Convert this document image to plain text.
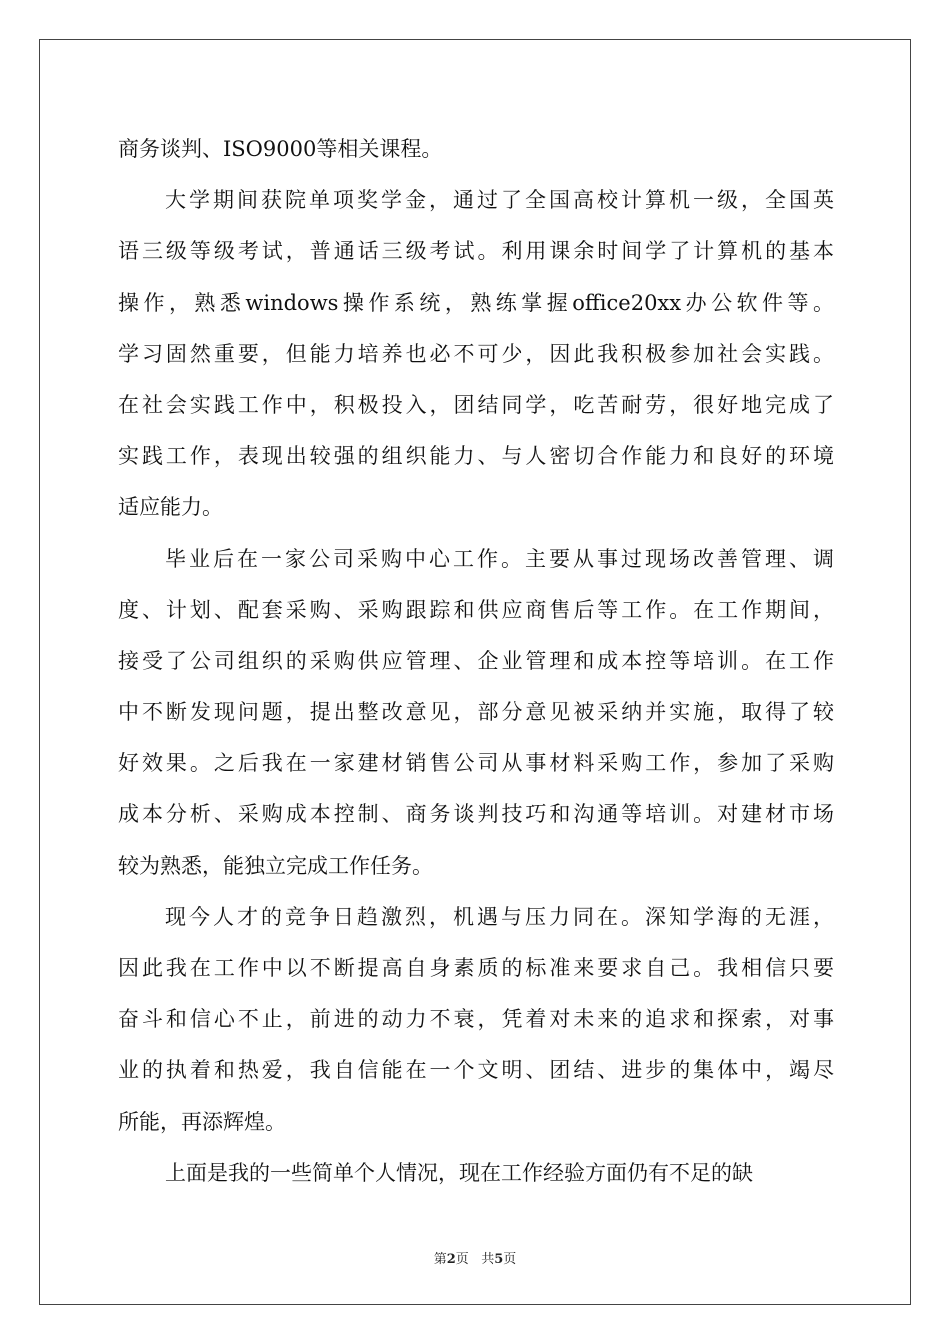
商务谈判、ISO9000等相关课程。
大学期间获院单项奖学金，通过了全国高校计算机一级，全国英
语三级等级考试，普通话三级考试。利用课余时间学了计算机的基本
操作，熟悉windows操作系统，熟练掌握office20xx办公软件等。
学习固然重要，但能力培养也必不可少，因此我积极参加社会实践。
在社会实践工作中，积极投入，团结同学，吃苦耐劳，很好地完成了
实践工作，表现出较强的组织能力、与人密切合作能力和良好的环境
适应能力。
毕业后在一家公司采购中心工作。主要从事过现场改善管理、调
度、计划、配套采购、采购跟踪和供应商售后等工作。在工作期间，
接受了公司组织的采购供应管理、企业管理和成本控等培训。在工作
中不断发现问题，提出整改意见，部分意见被采纳并实施，取得了较
好效果。之后我在一家建材销售公司从事材料采购工作，参加了采购
成本分析、采购成本控制、商务谈判技巧和沟通等培训。对建材市场
较为熟悉，能独立完成工作任务。
现今人才的竞争日趋激烈，机遇与压力同在。深知学海的无涯，
因此我在工作中以不断提高自身素质的标准来要求自己。我相信只要
奋斗和信心不止，前进的动力不衰，凭着对未来的追求和探索，对事
业的执着和热爱，我自信能在一个文明、团结、进步的集体中，竭尽
所能，再添辉煌。
上面是我的一些简单个人情况，现在工作经验方面仍有不足的缺
第2页   共5页
